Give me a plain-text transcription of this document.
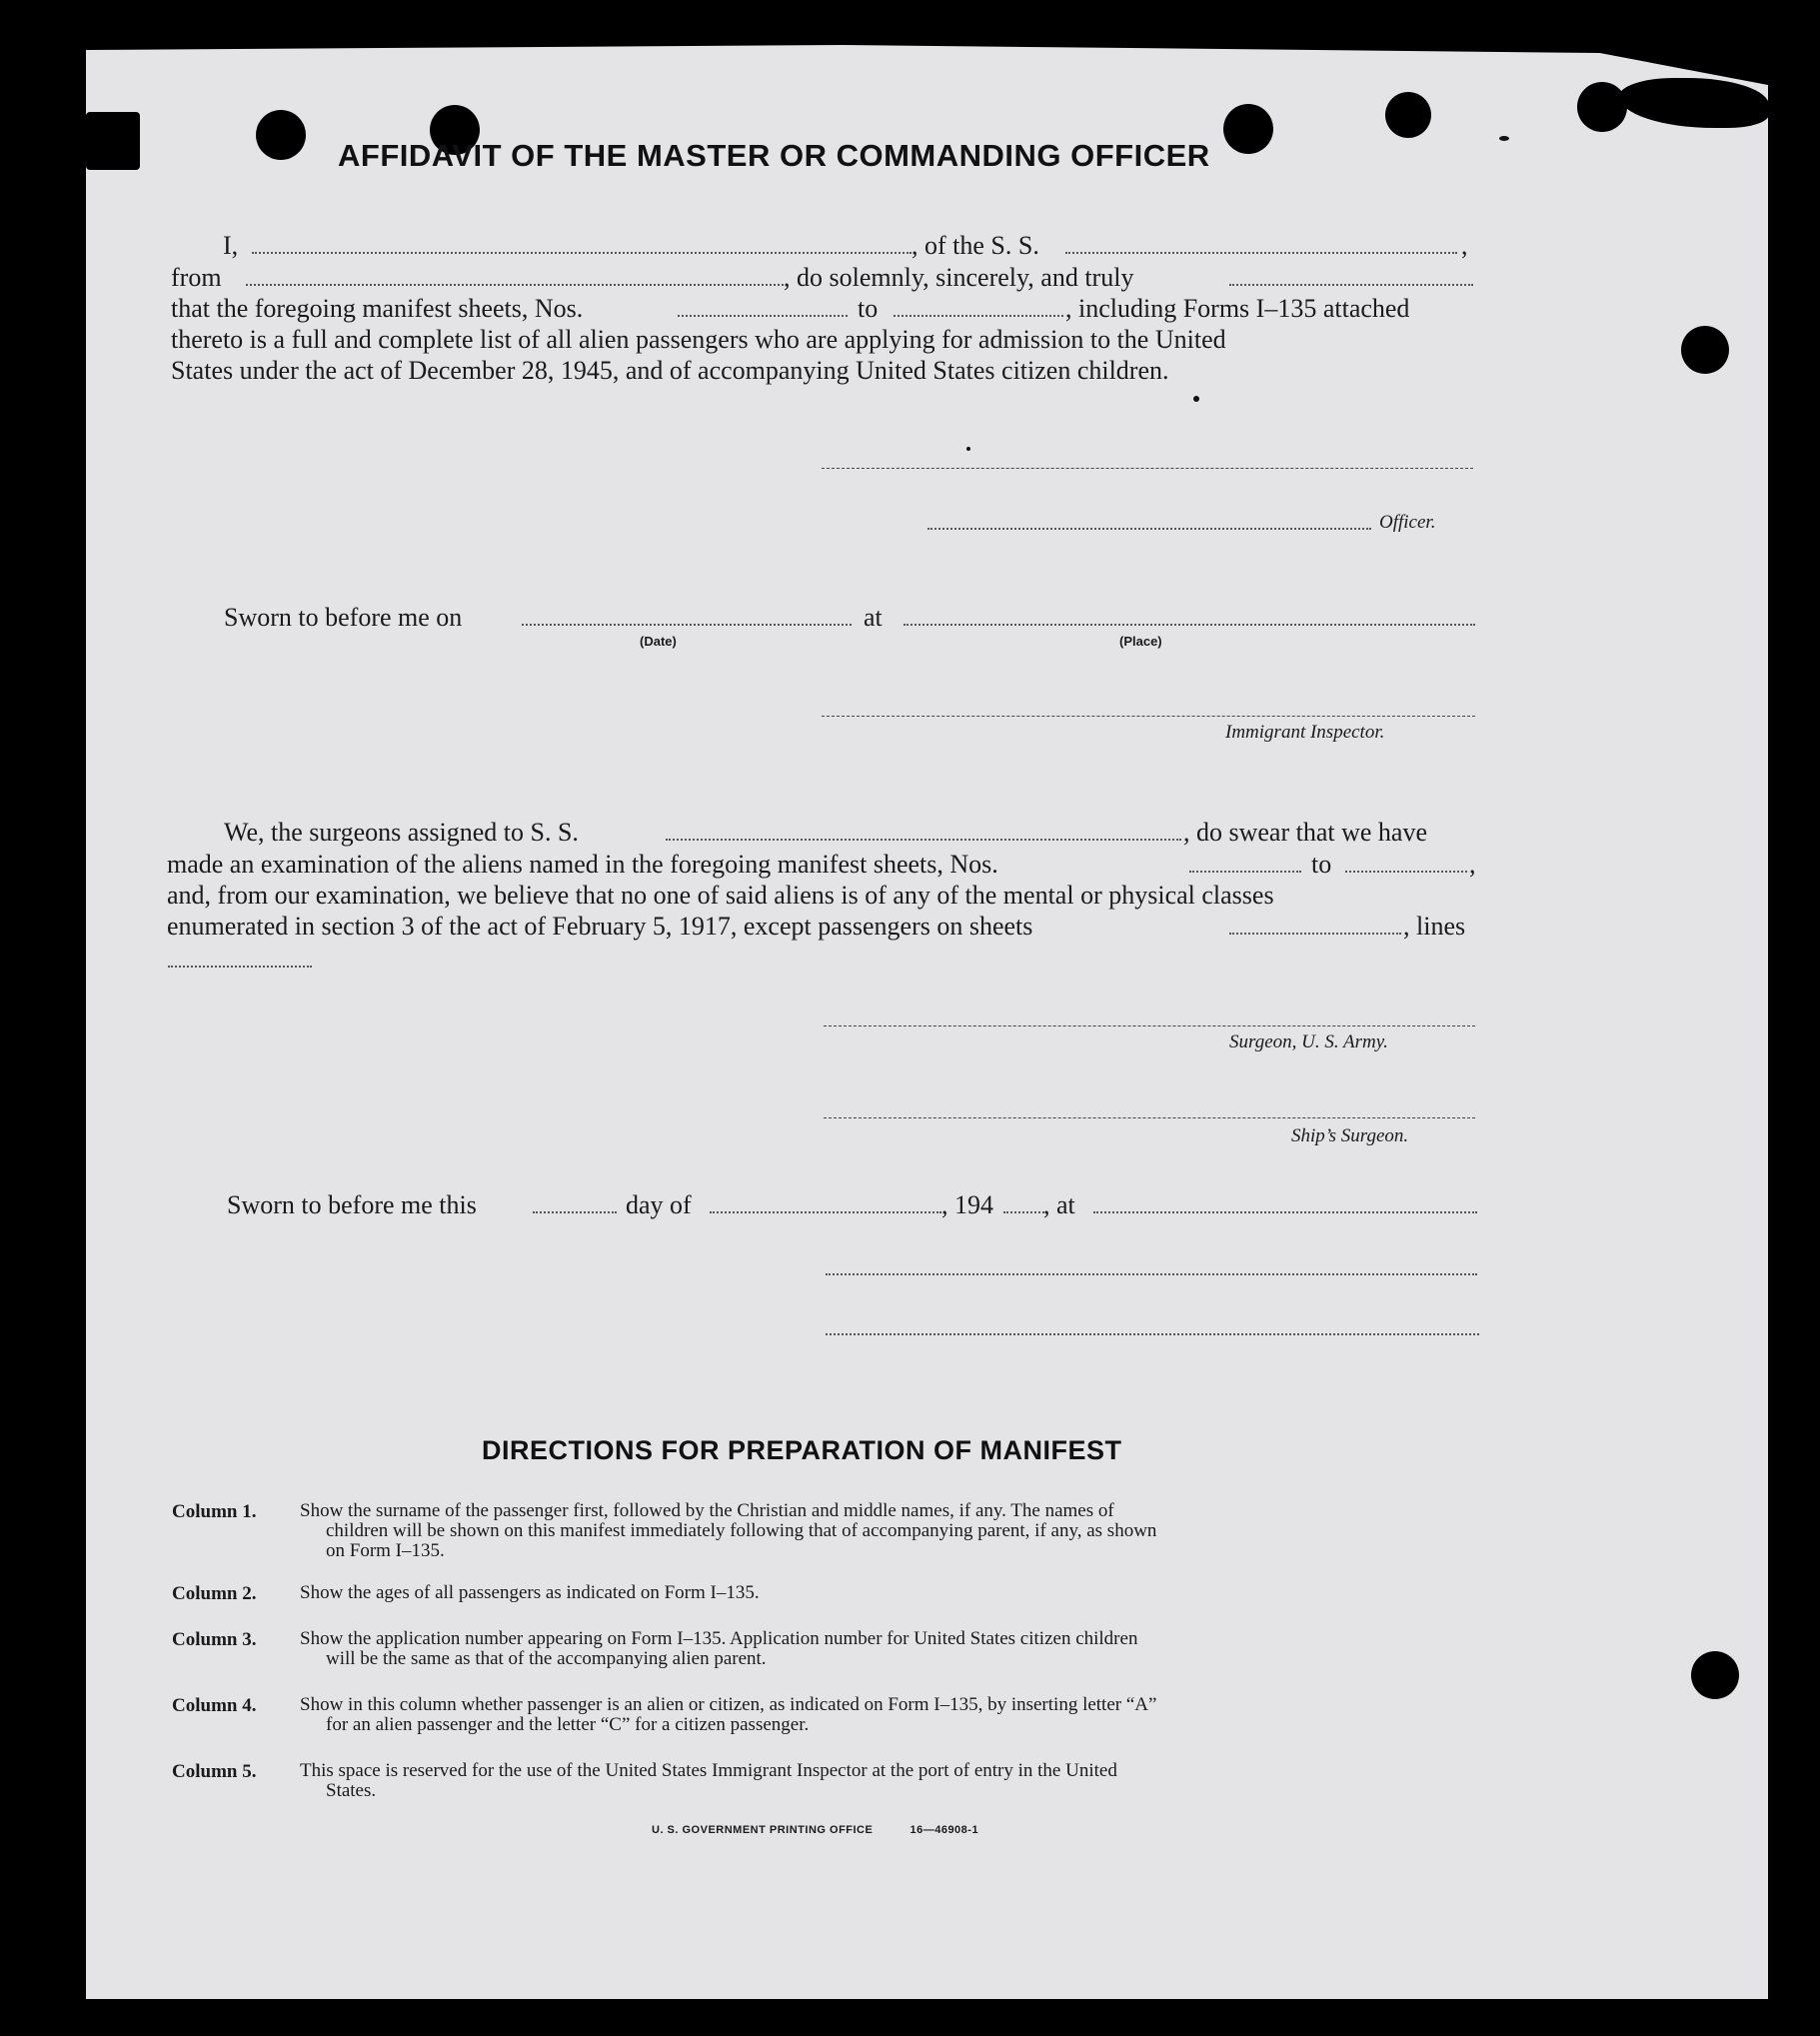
AFFIDAVIT OF THE MASTER OR COMMANDING OFFICER
I,	, of the S. S.	,
from	, do solemnly, sincerely, and truly
that the foregoing manifest sheets, Nos.	to	, including Forms I–135 attached
thereto is a full and complete list of all alien passengers who are applying for admission to the United
States under the act of December 28, 1945, and of accompanying United States citizen children.
Officer.
Sworn to before me on
(Date)
at
(Place)
Immigrant Inspector.
We, the surgeons assigned to S. S.	, do swear that we have
made an examination of the aliens named in the foregoing manifest sheets, Nos.	to	,
and, from our examination, we believe that no one of said aliens is of any of the mental or physical classes
enumerated in section 3 of the act of February 5, 1917, except passengers on sheets	, lines
Surgeon, U. S. Army.
Ship’s Surgeon.
Sworn to before me this	day of	, 194 , at
DIRECTIONS FOR PREPARATION OF MANIFEST
Column 1.	Show the surname of the passenger first, followed by the Christian and middle names, if any. The names of
children will be shown on this manifest immediately following that of accompanying parent, if any, as shown
on Form I–135.
Column 2.	Show the ages of all passengers as indicated on Form I–135.
Column 3.	Show the application number appearing on Form I–135. Application number for United States citizen children
will be the same as that of the accompanying alien parent.
Column 4.	Show in this column whether passenger is an alien or citizen, as indicated on Form I–135, by inserting letter “A”
for an alien passenger and the letter “C” for a citizen passenger.
Column 5.	This space is reserved for the use of the United States Immigrant Inspector at the port of entry in the United
States.
U. S. GOVERNMENT PRINTING OFFICE	16—46908-1
